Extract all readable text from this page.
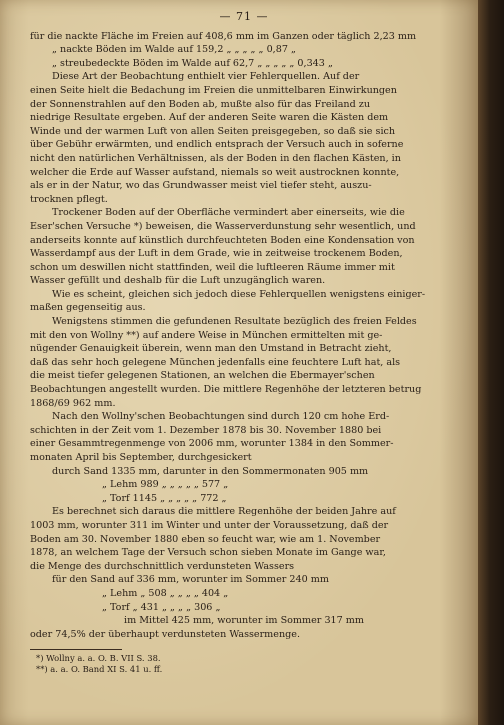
— 71 —
für die nackte Fläche im Freien auf 408,6 mm im Ganzen oder täglich 2,23 mm
„ nackte Böden im Walde auf 159,2 „ „ „ „ „ 0,87 „
„ streubedeckte Böden im Walde auf 62,7 „ „ „ „ „ 0,343 „
Diese Art der Beobachtung enthielt vier Fehlerquellen. Auf der
einen Seite hielt die Bedachung im Freien die unmittelbaren Einwirkungen
der Sonnenstrahlen auf den Boden ab, mußte also für das Freiland zu
niedrige Resultate ergeben. Auf der anderen Seite waren die Kästen dem
Winde und der warmen Luft von allen Seiten preisgegeben, so daß sie sich
über Gebühr erwärmten, und endlich entsprach der Versuch auch in soferne
nicht den natürlichen Verhältnissen, als der Boden in den flachen Kästen, in
welcher die Erde auf Wasser aufstand, niemals so weit austrocknen konnte,
als er in der Natur, wo das Grundwasser meist viel tiefer steht, auszu-
trocknen pflegt.
Trockener Boden auf der Oberfläche vermindert aber einerseits, wie die
Eser'schen Versuche *) beweisen, die Wasserverdunstung sehr wesentlich, und
anderseits konnte auf künstlich durchfeuchteten Boden eine Kondensation von
Wasserdampf aus der Luft in dem Grade, wie in zeitweise trockenem Boden,
schon um deswillen nicht stattfinden, weil die luftleeren Räume immer mit
Wasser gefüllt und deshalb für die Luft unzugänglich waren.
Wie es scheint, gleichen sich jedoch diese Fehlerquellen wenigstens einiger-
maßen gegenseitig aus.
Wenigstens stimmen die gefundenen Resultate bezüglich des freien Feldes
mit den von Wollny **) auf andere Weise in München ermittelten mit ge-
nügender Genauigkeit überein, wenn man den Umstand in Betracht zieht,
daß das sehr hoch gelegene München jedenfalls eine feuchtere Luft hat, als
die meist tiefer gelegenen Stationen, an welchen die Ebermayer'schen
Beobachtungen angestellt wurden. Die mittlere Regenhöhe der letzteren betrug
1868/69 962 mm.
Nach den Wollny'schen Beobachtungen sind durch 120 cm hohe Erd-
schichten in der Zeit vom 1. Dezember 1878 bis 30. November 1880 bei
einer Gesammtregenmenge von 2006 mm, worunter 1384 in den Sommer-
monaten April bis September, durchgesickert
durch Sand 1335 mm, darunter in den Sommermonaten 905 mm
„ Lehm 989 „ „ „ „ „ 577 „
„ Torf 1145 „ „ „ „ „ 772 „
Es berechnet sich daraus die mittlere Regenhöhe der beiden Jahre auf
1003 mm, worunter 311 im Winter und unter der Voraussetzung, daß der
Boden am 30. November 1880 eben so feucht war, wie am 1. November
1878, an welchem Tage der Versuch schon sieben Monate im Gange war,
die Menge des durchschnittlich verdunsteten Wassers
für den Sand auf 336 mm, worunter im Sommer 240 mm
„ Lehm „ 508 „ „ „ „ 404 „
„ Torf „ 431 „ „ „ „ 306 „
im Mittel 425 mm, worunter im Sommer 317 mm
oder 74,5% der überhaupt verdunsteten Wassermenge.
*) Wollny a. a. O. B. VII S. 38.
**) a. a. O. Band XI S. 41 u. ff.
